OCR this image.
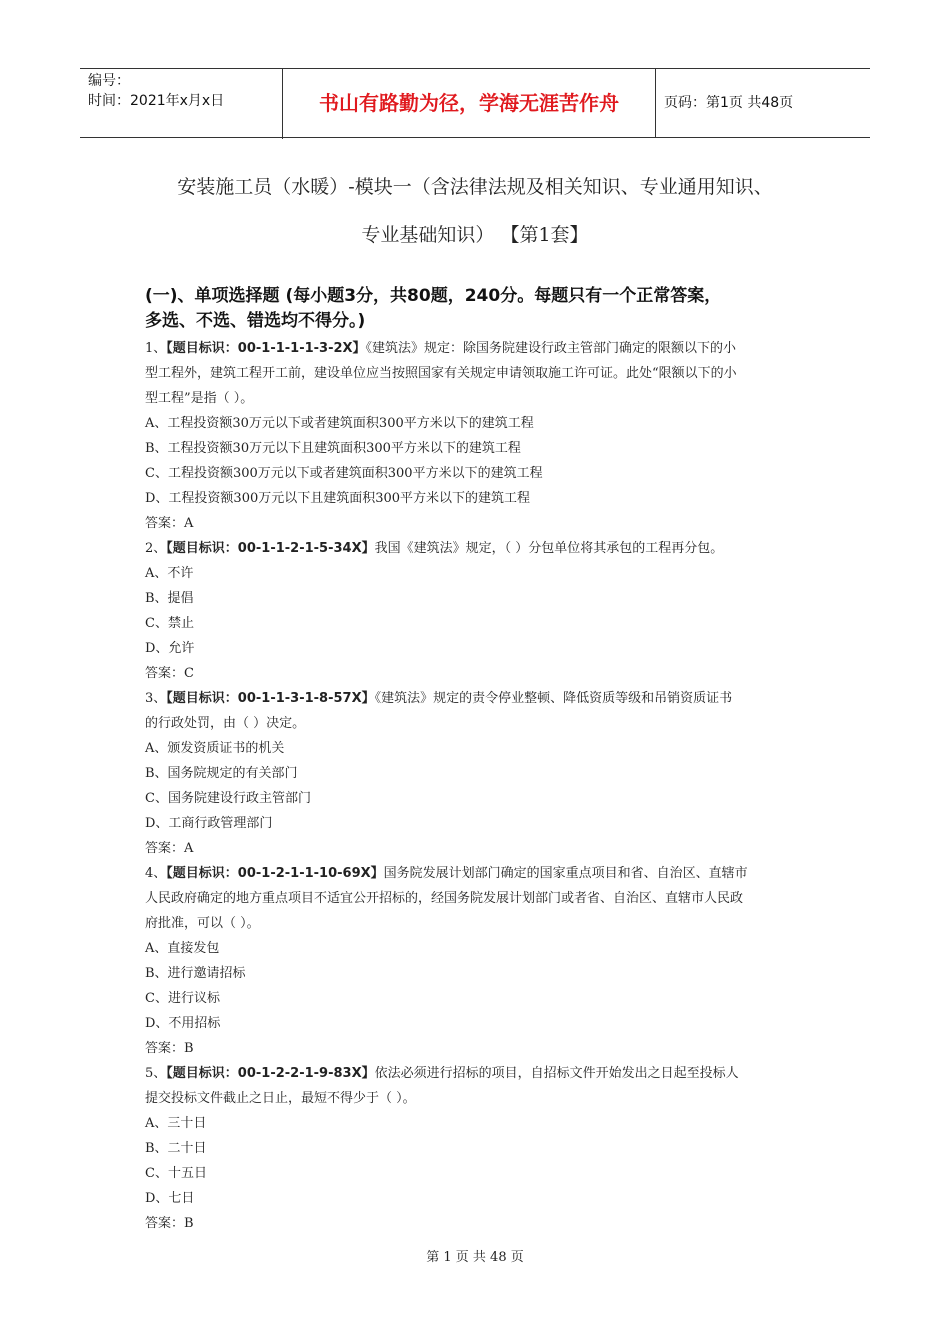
编号：
时间：2021年x月x日	书山有路勤为径，学海无涯苦作舟	页码：第1页 共48页
安装施工员（水暖）-模块一（含法律法规及相关知识、专业通用知识、
专业基础知识） 【第1套】
(一)、单项选择题 (每小题3分，共80题，240分。每题只有一个正常答案，
多选、不选、错选均不得分。)
1、【题目标识：00-1-1-1-1-3-2X】《建筑法》规定：除国务院建设行政主管部门确定的限额以下的小
型工程外，建筑工程开工前，建设单位应当按照国家有关规定申请领取施工许可证。此处“限额以下的小
型工程”是指（ ）。
A、工程投资额30万元以下或者建筑面积300平方米以下的建筑工程
B、工程投资额30万元以下且建筑面积300平方米以下的建筑工程
C、工程投资额300万元以下或者建筑面积300平方米以下的建筑工程
D、工程投资额300万元以下且建筑面积300平方米以下的建筑工程
答案：A
2、【题目标识：00-1-1-2-1-5-34X】我国《建筑法》规定，（ ）分包单位将其承包的工程再分包。
A、不许
B、提倡
C、禁止
D、允许
答案：C
3、【题目标识：00-1-1-3-1-8-57X】《建筑法》规定的责令停业整顿、降低资质等级和吊销资质证书
的行政处罚，由（ ）决定。
A、颁发资质证书的机关
B、国务院规定的有关部门
C、国务院建设行政主管部门
D、工商行政管理部门
答案：A
4、【题目标识：00-1-2-1-1-10-69X】国务院发展计划部门确定的国家重点项目和省、自治区、直辖市
人民政府确定的地方重点项目不适宜公开招标的，经国务院发展计划部门或者省、自治区、直辖市人民政
府批准，可以（ ）。
A、直接发包
B、进行邀请招标
C、进行议标
D、不用招标
答案：B
5、【题目标识：00-1-2-2-1-9-83X】依法必须进行招标的项目，自招标文件开始发出之日起至投标人
提交投标文件截止之日止，最短不得少于（ ）。
A、三十日
B、二十日
C、十五日
D、七日
答案：B
第 1 页 共 48 页
